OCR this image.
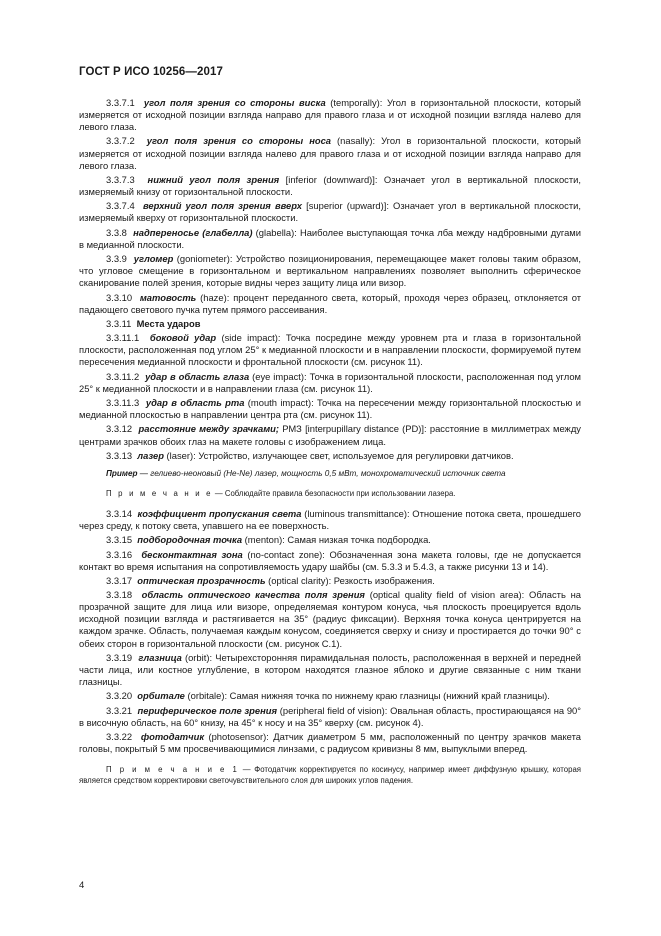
ГОСТ Р ИСО 10256—2017

3.3.7.1 угол поля зрения со стороны виска (temporally): Угол в горизонтальной плоскости, который измеряется от исходной позиции взгляда направо для правого глаза и от исходной позиции взгляда налево для левого глаза.

3.3.7.2 угол поля зрения со стороны носа (nasally): Угол в горизонтальной плоскости, который измеряется от исходной позиции взгляда налево для правого глаза и от исходной позиции взгляда направо для левого глаза.

3.3.7.3 нижний угол поля зрения [inferior (downward)]: Означает угол в вертикальной плоскости, измеряемый книзу от горизонтальной плоскости.

3.3.7.4 верхний угол поля зрения вверх [superior (upward)]: Означает угол в вертикальной плоскости, измеряемый кверху от горизонтальной плоскости.

3.3.8 надпереносье (глабелла) (glabella): Наиболее выступающая точка лба между надбровными дугами в медианной плоскости.

3.3.9 угломер (goniometer): Устройство позиционирования, перемещающее макет головы таким образом, что угловое смещение в горизонтальном и вертикальном направлениях позволяет выполнить сферическое сканирование полей зрения, которые видны через защиту лица или визор.

3.3.10 матовость (haze): процент переданного света, который, проходя через образец, отклоняется от падающего светового пучка путем прямого рассеивания.

3.3.11 Места ударов

3.3.11.1 боковой удар (side impact): Точка посредине между уровнем рта и глаза в горизонтальной плоскости, расположенная под углом 25° к медианной плоскости и в направлении плоскости, формируемой путем пересечения медианной плоскости и фронтальной плоскости (см. рисунок 11).

3.3.11.2 удар в область глаза (eye impact): Точка в горизонтальной плоскости, расположенная под углом 25° к медианной плоскости и в направлении глаза (см. рисунок 11).

3.3.11.3 удар в область рта (mouth impact): Точка на пересечении между горизонтальной плоскостью и медианной плоскостью в направлении центра рта (см. рисунок 11).

3.3.12 расстояние между зрачками; РМЗ [interpupillary distance (PD)]: расстояние в миллиметрах между центрами зрачков обоих глаз на макете головы с изображением лица.

3.3.13 лазер (laser): Устройство, излучающее свет, используемое для регулировки датчиков.

Пример — гелиево-неоновый (He-Ne) лазер, мощность 0,5 мВт, монохроматический источник света

П р и м е ч а н и е — Соблюдайте правила безопасности при использовании лазера.

3.3.14 коэффициент пропускания света (luminous transmittance): Отношение потока света, прошедшего через среду, к потоку света, упавшего на ее поверхность.

3.3.15 подбородочная точка (menton): Самая низкая точка подбородка.

3.3.16 бесконтактная зона (no-contact zone): Обозначенная зона макета головы, где не допускается контакт во время испытания на сопротивляемость удару шайбы (см. 5.3.3 и 5.4.3, а также рисунки 13 и 14).

3.3.17 оптическая прозрачность (optical clarity): Резкость изображения.

3.3.18 область оптического качества поля зрения (optical quality field of vision area): Область на прозрачной защите для лица или визоре, определяемая контуром конуса, чья плоскость проецируется вдоль исходной позиции взгляда и растягивается на 35° (радиус фиксации). Верхняя точка конуса центрируется на каждом зрачке. Область, получаемая каждым конусом, соединяется сверху и снизу и простирается до точки 90° с обеих сторон в горизонтальной плоскости (см. рисунок С.1).

3.3.19 глазница (orbit): Четырехсторонняя пирамидальная полость, расположенная в верхней и передней части лица, или костное углубление, в котором находятся глазное яблоко и другие связанные с ним ткани глазницы.

3.3.20 орбитале (orbitale): Самая нижняя точка по нижнему краю глазницы (нижний край глазницы).

3.3.21 периферическое поле зрения (peripheral field of vision): Овальная область, простирающаяся на 90° в височную область, на 60° книзу, на 45° к носу и на 35° кверху (см. рисунок 4).

3.3.22 фотодатчик (photosensor): Датчик диаметром 5 мм, расположенный по центру зрачков макета головы, покрытый 5 мм просвечивающимися линзами, с радиусом кривизны 8 мм, выпуклыми вперед.

П р и м е ч а н и е 1 — Фотодатчик корректируется по косинусу, например имеет диффузную крышку, которая является средством корректировки светочувствительного слоя для широких углов падения.

4
